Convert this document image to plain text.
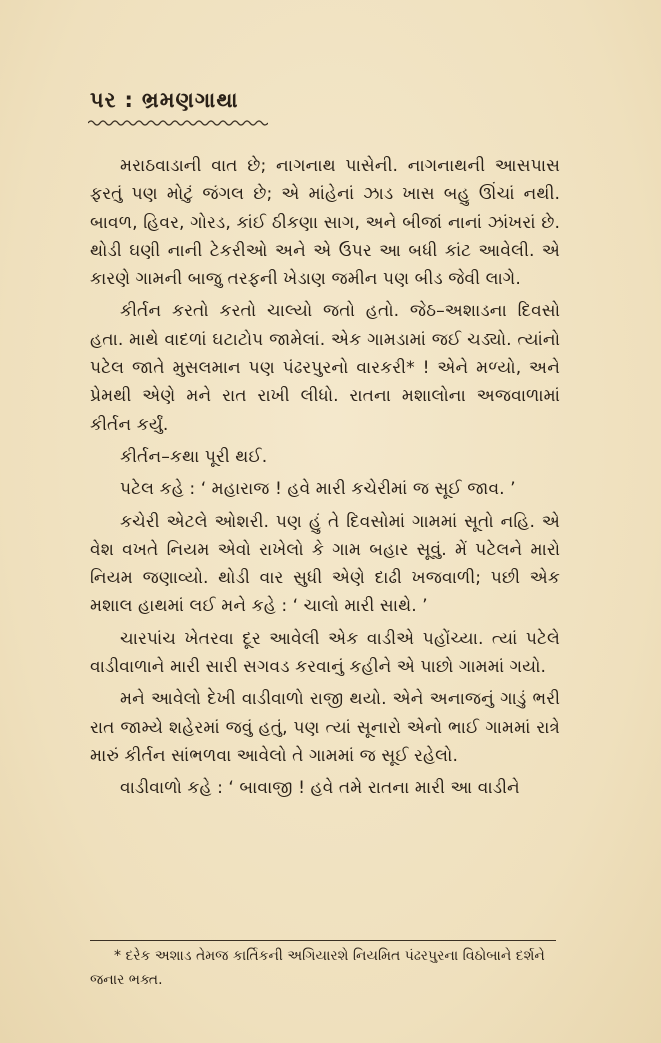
પર : ભ્રમણગાથા

મરાઠવાડાની વાત છે; નાગનાથ પાસેની. નાગનાથની આસપાસ ફરતું પણ મોટું જંગલ છે; એ માંહેનાં ઝાડ ખાસ બહુ ઊંચાં નથી. બાવળ, હિવર, ગોરડ, કાંઈ ઠીકણા સાગ, અને બીજાં નાનાં ઝાંખરાં છે. થોડી ઘણી નાની ટેકરીઓ અને એ ઉપર આ બધી કાંટ આવેલી. એ કારણે ગામની બાજુ તરફની ખેડાણ જમીન પણ બીડ જેવી લાગે.

કીર્તન કરતો કરતો ચાલ્યો જતો હતો. જેઠ–અશાડના દિવસો હતા. માથે વાદળાં ઘટાટોપ જામેલાં. એક ગામડામાં જઈ ચડ્યો. ત્યાંનો પટેલ જાતે મુસલમાન પણ પંઢરપુરનો વારકરી* ! એને મળ્યો, અને પ્રેમથી એણે મને રાત રાખી લીધો. રાતના મશાલોના અજવાળામાં કીર્તન કર્યું.

કીર્તન–કથા પૂરી થઈ.

પટેલ કહે : ‘ મહારાજ ! હવે મારી કચેરીમાં જ સૂઈ જાવ. ’

કચેરી એટલે ઓશરી. પણ હું તે દિવસોમાં ગામમાં સૂતો નહિ. એ વેશ વખતે નિયમ એવો રાખેલો કે ગામ બહાર સૂવું. મેં પટેલને મારો નિયમ જણાવ્યો. થોડી વાર સુધી એણે દાઢી ખજવાળી; પછી એક મશાલ હાથમાં લઈ મને કહે : ‘ ચાલો મારી સાથે. ’

ચારપાંચ ખેતરવા દૂર આવેલી એક વાડીએ પહોંચ્યા. ત્યાં પટેલે વાડીવાળાને મારી સારી સગવડ કરવાનું કહીને એ પાછો ગામમાં ગયો.

મને આવેલો દેખી વાડીવાળો રાજી થયો. એને અનાજનું ગાડું ભરી રાત જામ્યે શહેરમાં જવું હતું, પણ ત્યાં સૂનારો એનો ભાઈ ગામમાં રાત્રે મારું કીર્તન સાંભળવા આવેલો તે ગામમાં જ સૂઈ રહેલો.

વાડીવાળો કહે : ‘ બાવાજી ! હવે તમે રાતના મારી આ વાડીને

* દરેક અશાડ તેમજ કાર્તિકની અગિયારશે નિયમિત પંઢરપુરના વિઠોબાને દર્શને જનાર ભક્ત.
